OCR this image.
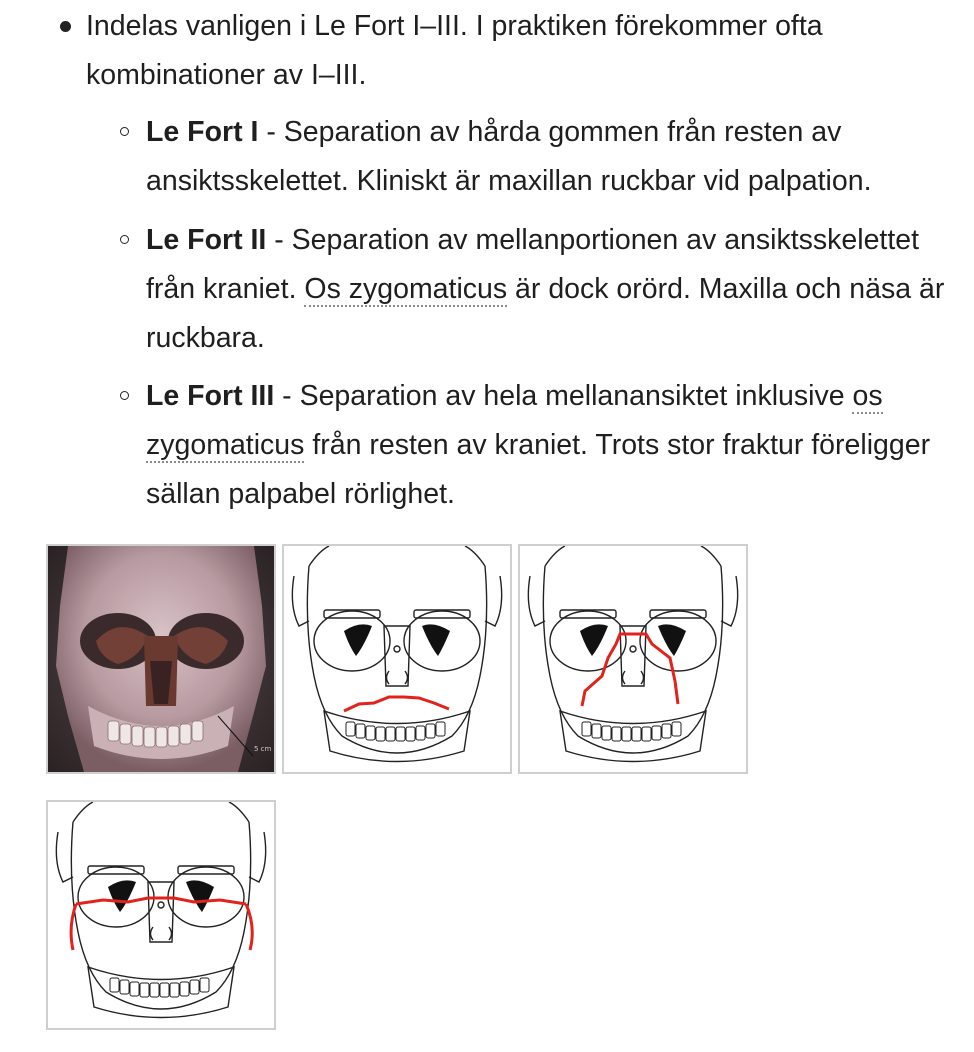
Indelas vanligen i Le Fort I–III. I praktiken förekommer ofta kombinationer av I–III.
Le Fort I - Separation av hårda gommen från resten av ansiktsskelettet. Kliniskt är maxillan ruckbar vid palpation.
Le Fort II - Separation av mellanportionen av ansiktsskelettet från kraniet. Os zygomaticus är dock orörd. Maxilla och näsa är ruckbara.
Le Fort III - Separation av hela mellanansiktet inklusive os zygomaticus från resten av kraniet. Trots stor fraktur föreligger sällan palpabel rörlighet.
5 cm
